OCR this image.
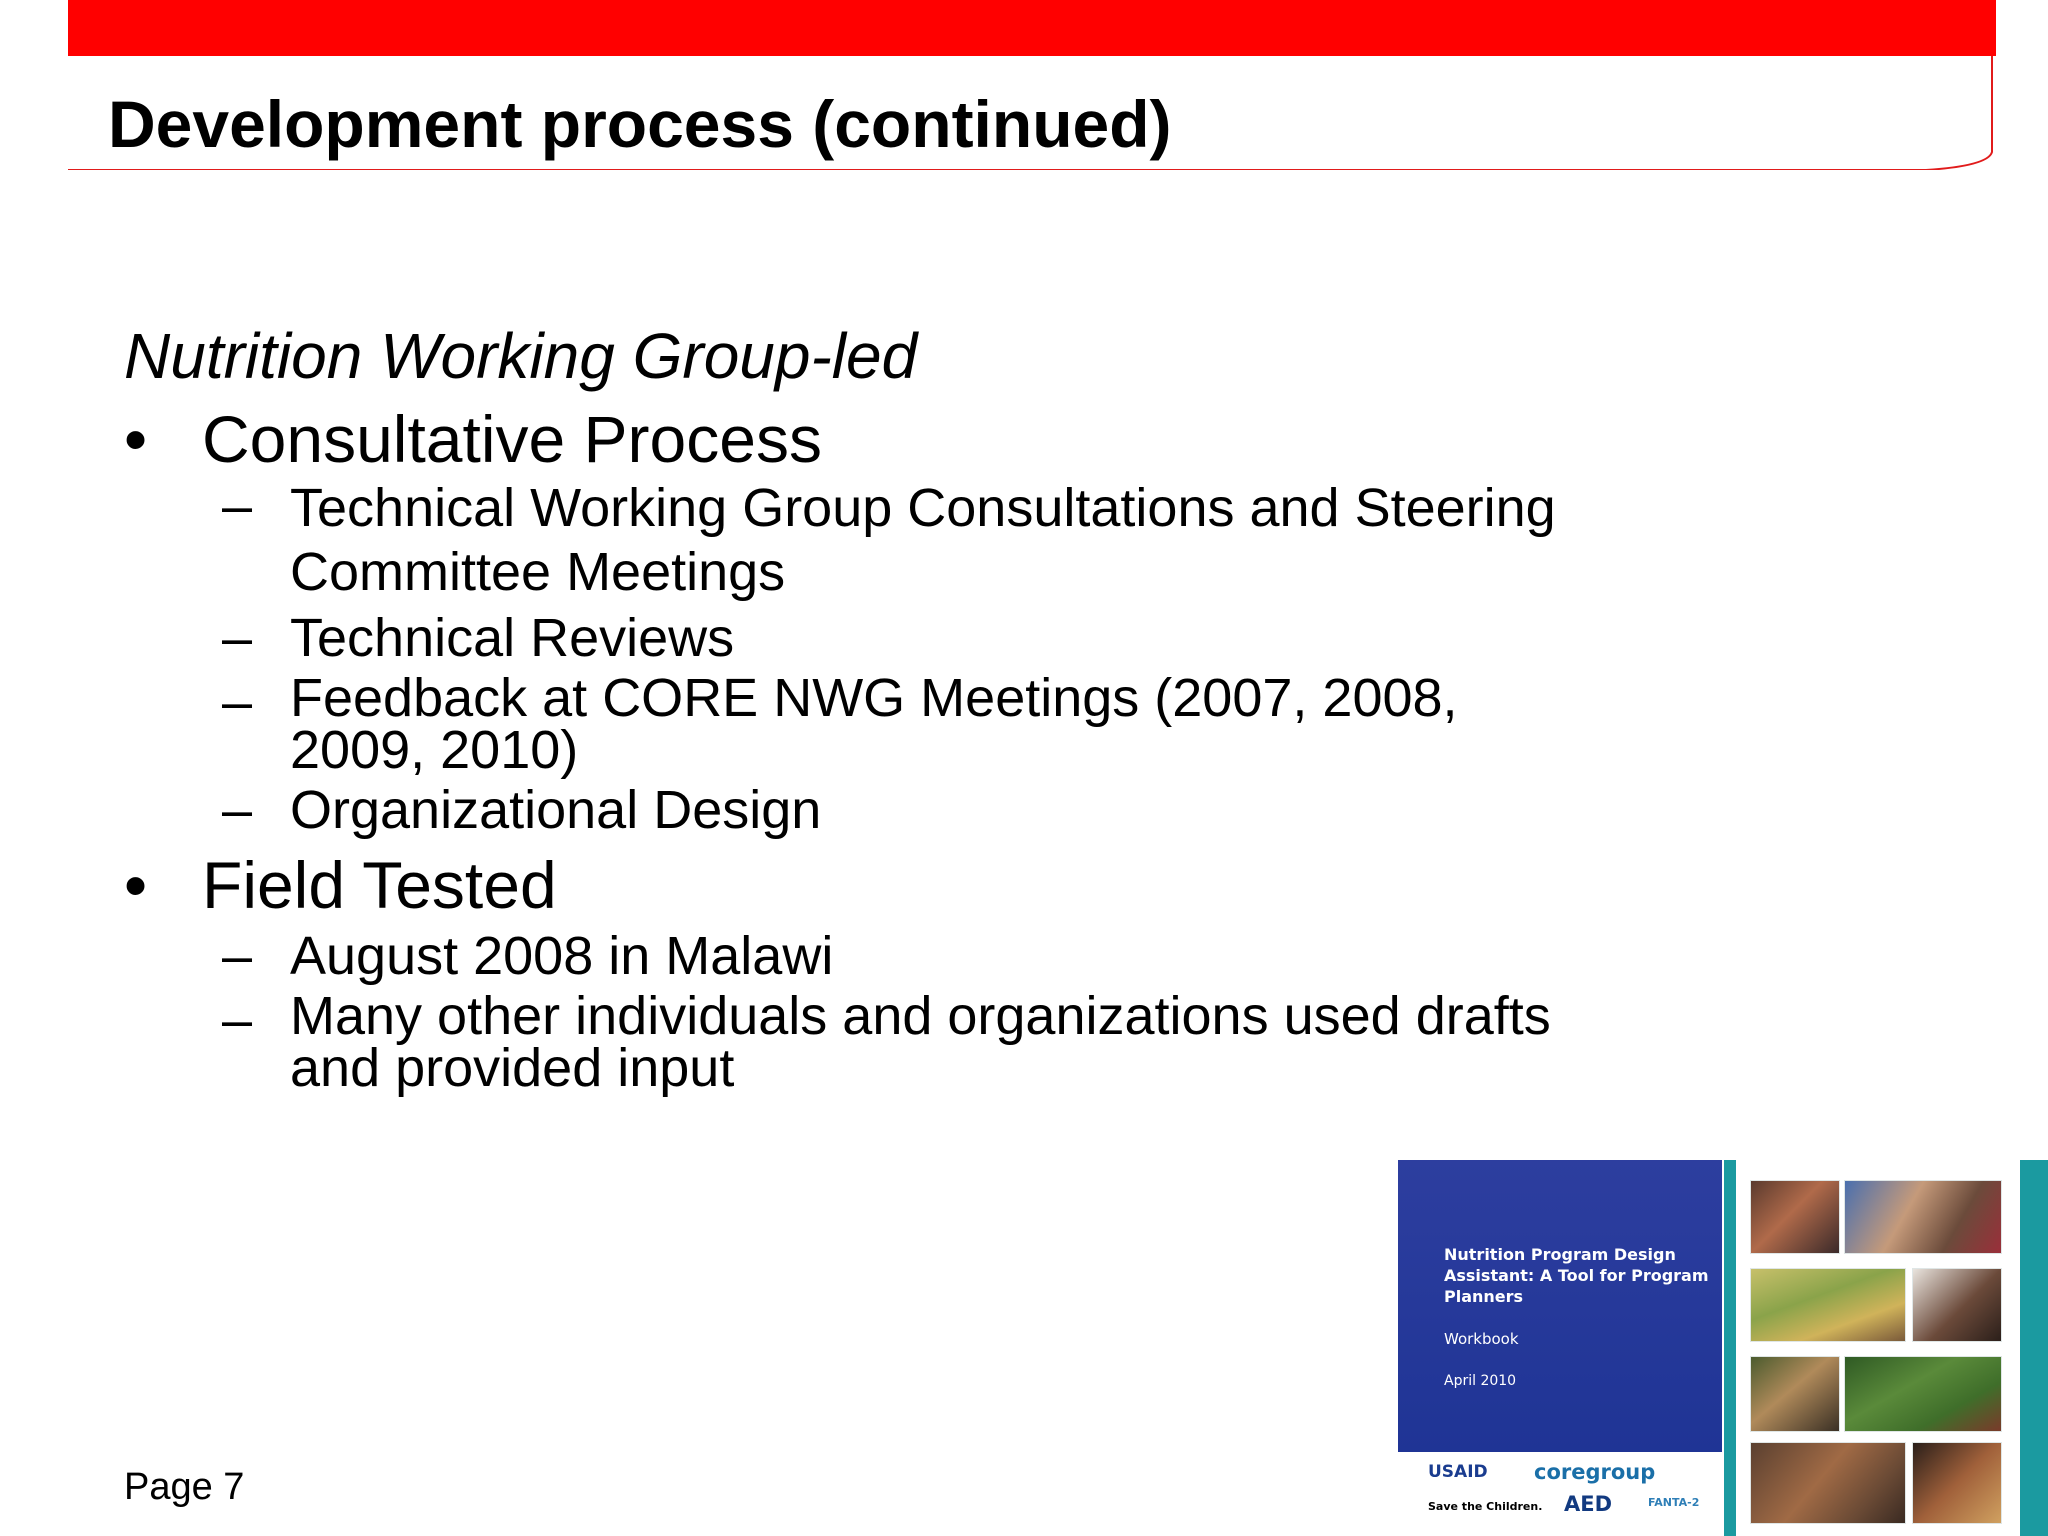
Development process (continued)

Nutrition Working Group-led

• Consultative Process
– Technical Working Group Consultations and Steering
Committee Meetings
– Technical Reviews
– Feedback at CORE NWG Meetings (2007, 2008,
2009, 2010)
– Organizational Design
• Field Tested
– August 2008 in Malawi
– Many other individuals and organizations used drafts
and provided input
Page 7

Nutrition Program Design Assistant: A Tool for Program Planners

Workbook
April 2010
USAID coregroup
Save the Children. AED	FANTA-2
